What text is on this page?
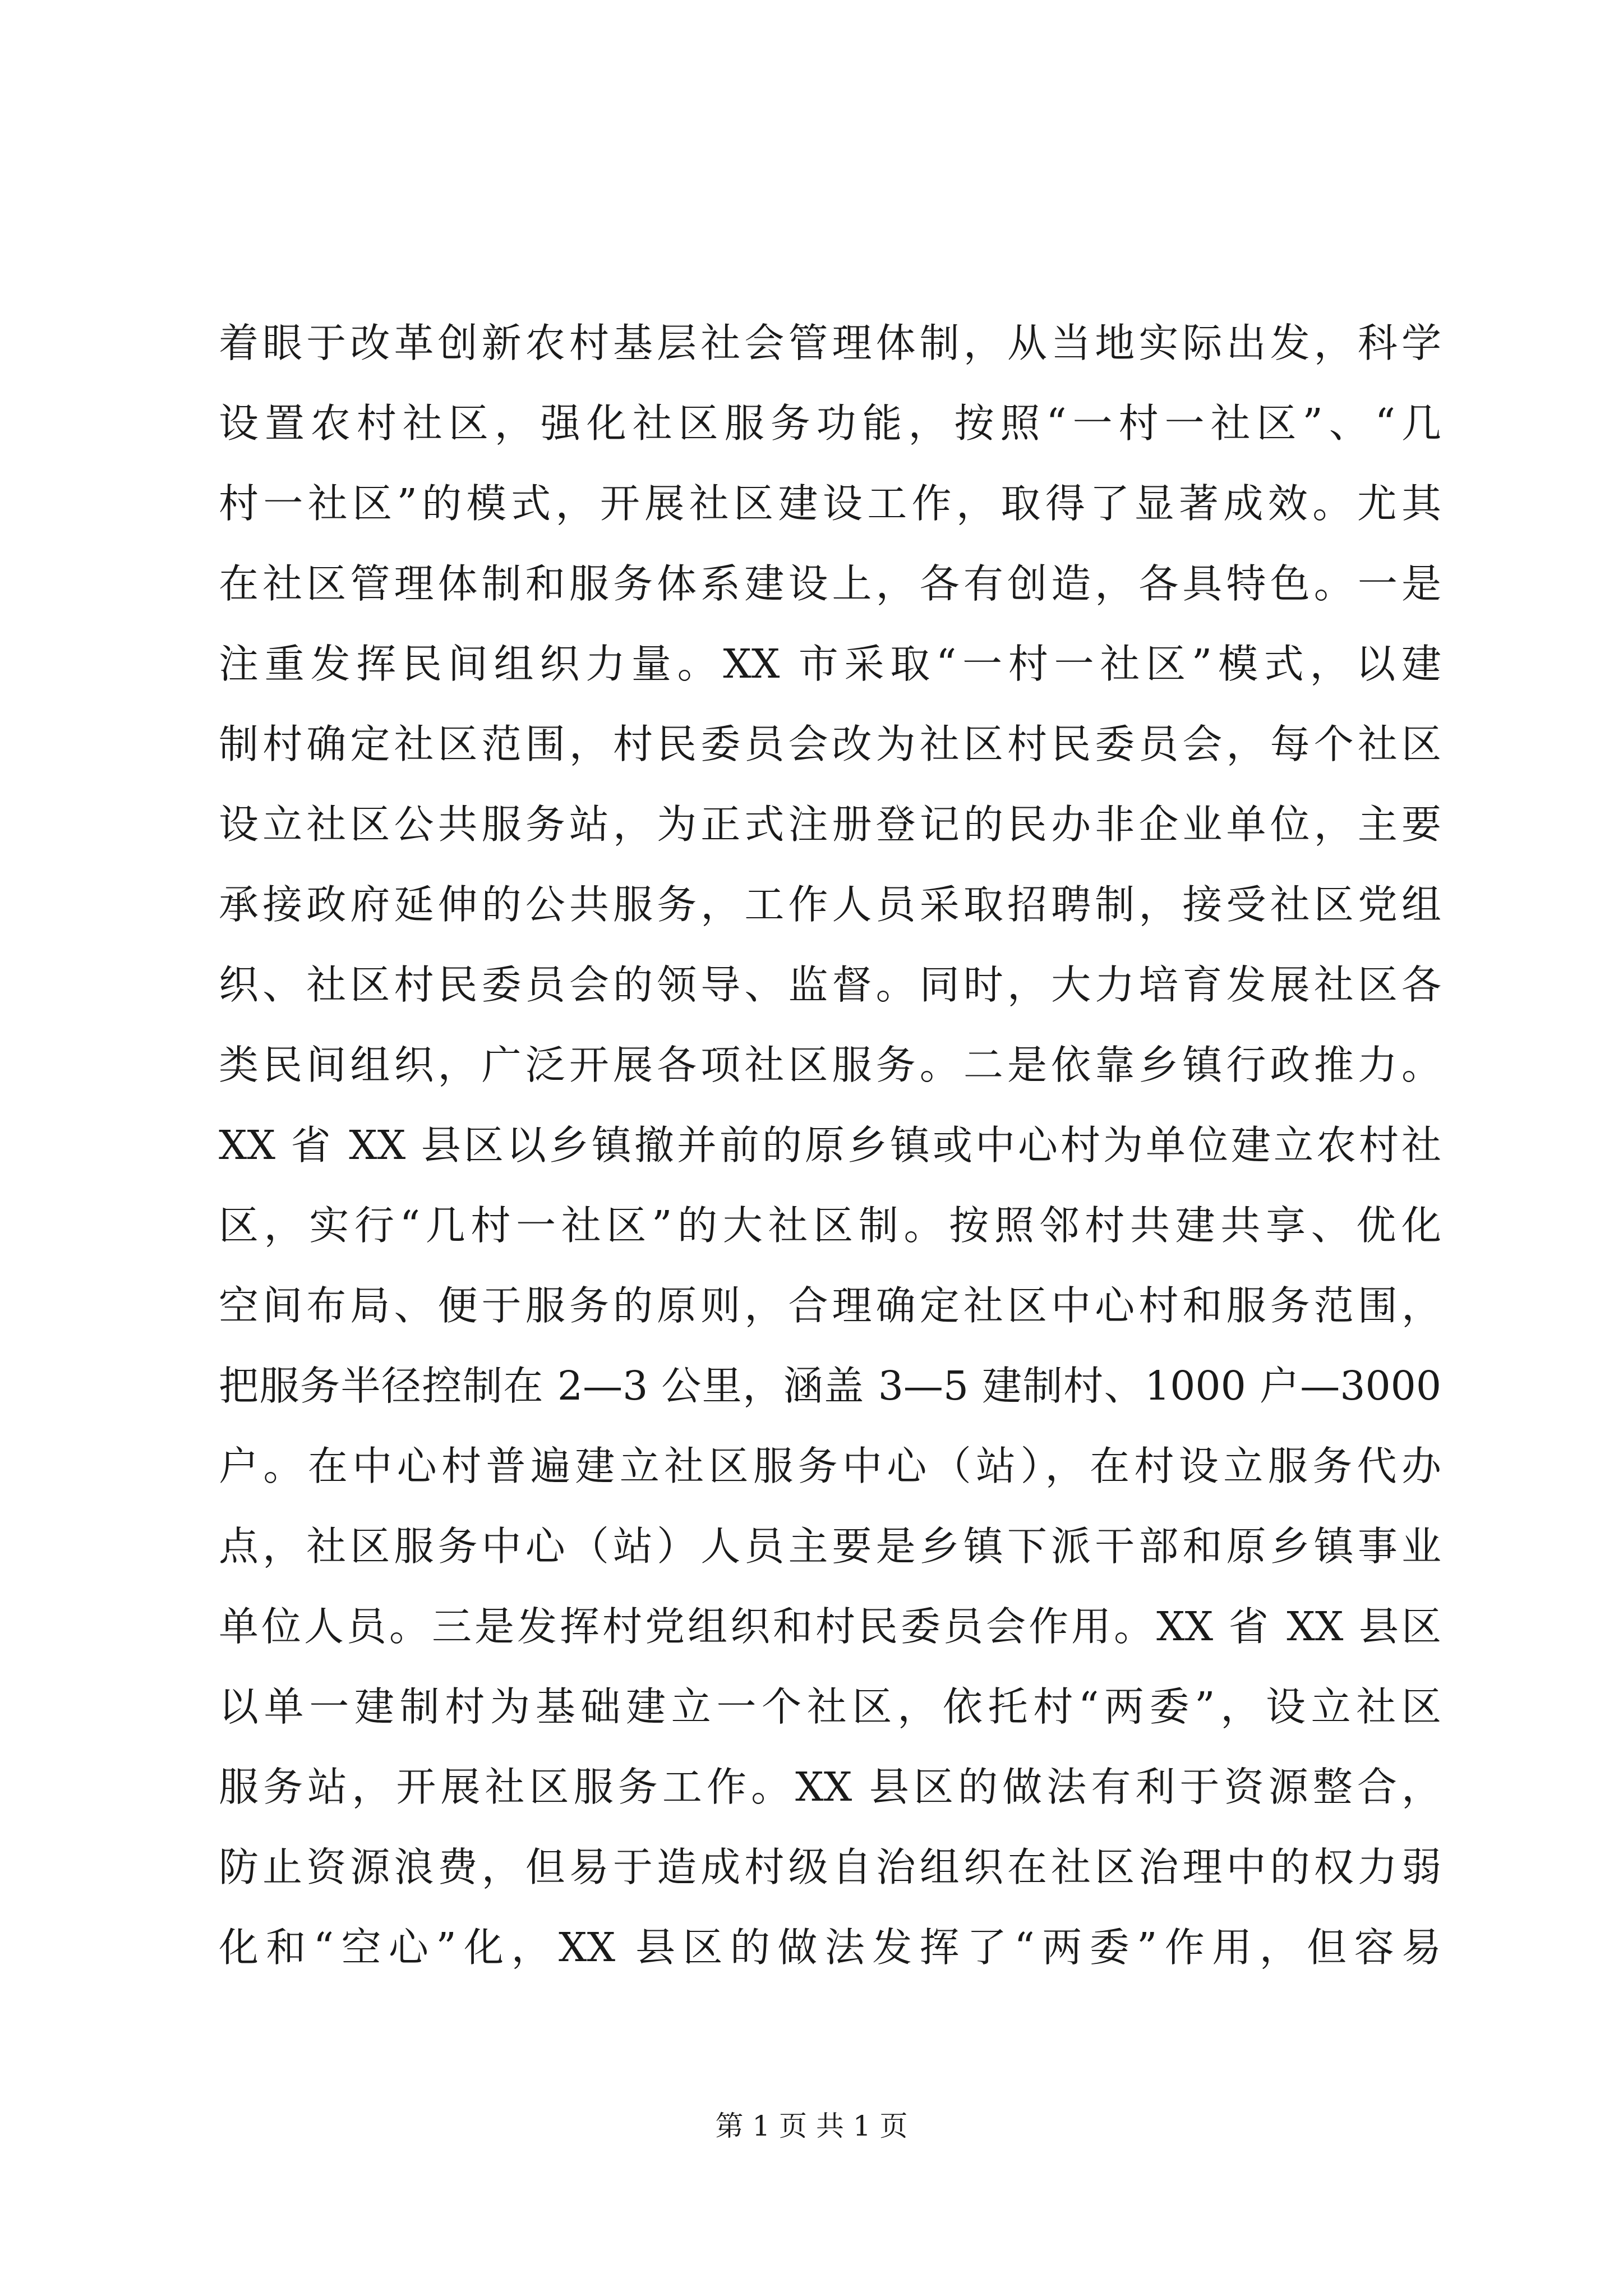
着眼于改革创新农村基层社会管理体制，从当地实际出发，科学
设置农村社区，强化社区服务功能，按照“一村一社区”、“几
村一社区”的模式，开展社区建设工作，取得了显著成效。尤其
在社区管理体制和服务体系建设上，各有创造，各具特色。一是
注重发挥民间组织力量。XX 市采取“一村一社区”模式，以建
制村确定社区范围，村民委员会改为社区村民委员会，每个社区
设立社区公共服务站，为正式注册登记的民办非企业单位，主要
承接政府延伸的公共服务，工作人员采取招聘制，接受社区党组
织、社区村民委员会的领导、监督。同时，大力培育发展社区各
类民间组织，广泛开展各项社区服务。二是依靠乡镇行政推力。
XX 省 XX 县区以乡镇撤并前的原乡镇或中心村为单位建立农村社
区，实行“几村一社区”的大社区制。按照邻村共建共享、优化
空间布局、便于服务的原则，合理确定社区中心村和服务范围，
把服务半径控制在 2—3 公里，涵盖 3—5 建制村、1000 户—3000
户。在中心村普遍建立社区服务中心（站），在村设立服务代办
点，社区服务中心（站）人员主要是乡镇下派干部和原乡镇事业
单位人员。三是发挥村党组织和村民委员会作用。XX 省 XX 县区
以单一建制村为基础建立一个社区，依托村“两委”，设立社区
服务站，开展社区服务工作。XX 县区的做法有利于资源整合，
防止资源浪费，但易于造成村级自治组织在社区治理中的权力弱
化和“空心”化，XX 县区的做法发挥了“两委”作用，但容易
第 1 页 共 1 页
